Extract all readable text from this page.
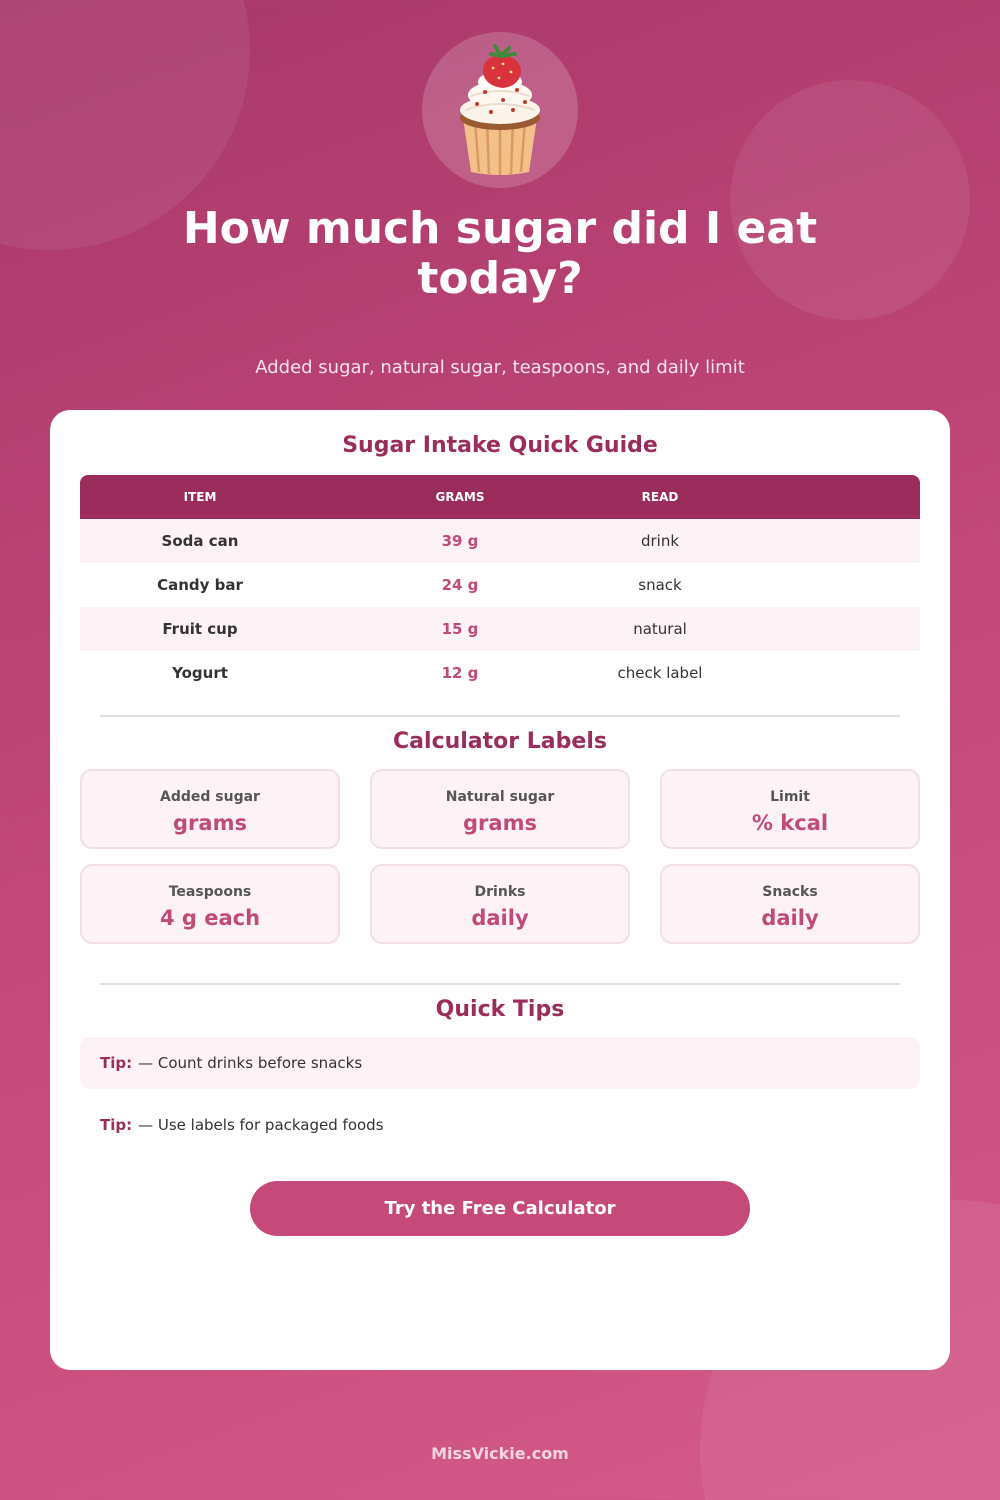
How much sugar did I eat today?
Added sugar, natural sugar, teaspoons, and daily limit
Sugar Intake Quick Guide
ITEM	GRAMS	READ
Soda can	39 g	drink
Candy bar	24 g	snack
Fruit cup	15 g	natural
Yogurt	12 g	check label
Calculator Labels
Added sugar
grams
Natural sugar
grams
Limit
% kcal
Teaspoons
4 g each
Drinks
daily
Snacks
daily
Quick Tips
Tip: — Count drinks before snacks
Tip: — Use labels for packaged foods
Try the Free Calculator
MissVickie.com
